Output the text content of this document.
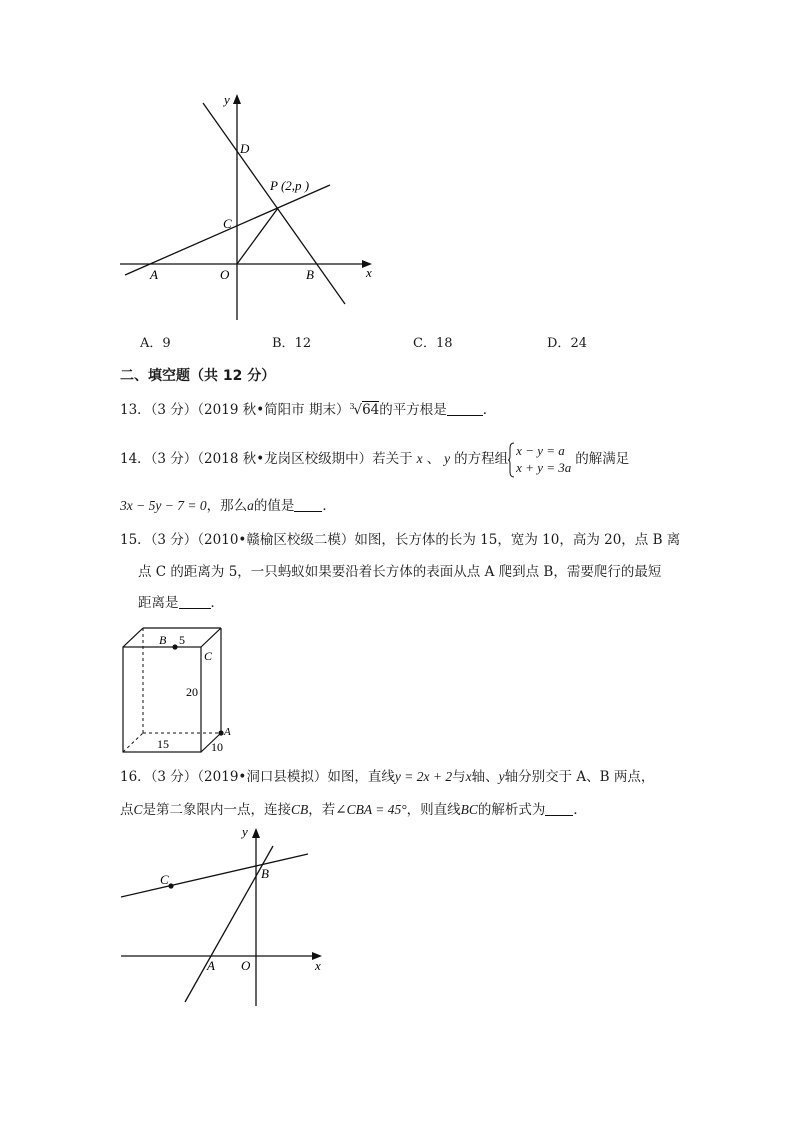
y
x
D
P (2,p )
C
A	O	B
A．9	B．12	C．18	D．24
二、填空题（共 12 分）
13．（3 分）（2019 秋•简阳市 期末） 3
√64的平方根是	．
14．（3 分）（2018 秋•龙岗区校级期中）若关于 x 、 y 的方程组
x − y = a
x + y = 3a
的解满足
3x − 5y − 7 = 0，那么a的值是 ．
15．（3 分）（2010•赣榆区校级二模）如图，长方体的长为 15，宽为 10，高为 20，点 B 离
点 C 的距离为 5，一只蚂蚁如果要沿着长方体的表面从点 A 爬到点 B，需要爬行的最短
距离是 ．
B 5
C
20
A
15	10
16．（3 分）（2019•洞口县模拟）如图，直线y = 2x + 2与x轴、y轴分别交于 A、B 两点，
点C是第二象限内一点，连接CB，若∠CBA = 45°，则直线BC的解析式为 ．
y
C	B
A O	x
